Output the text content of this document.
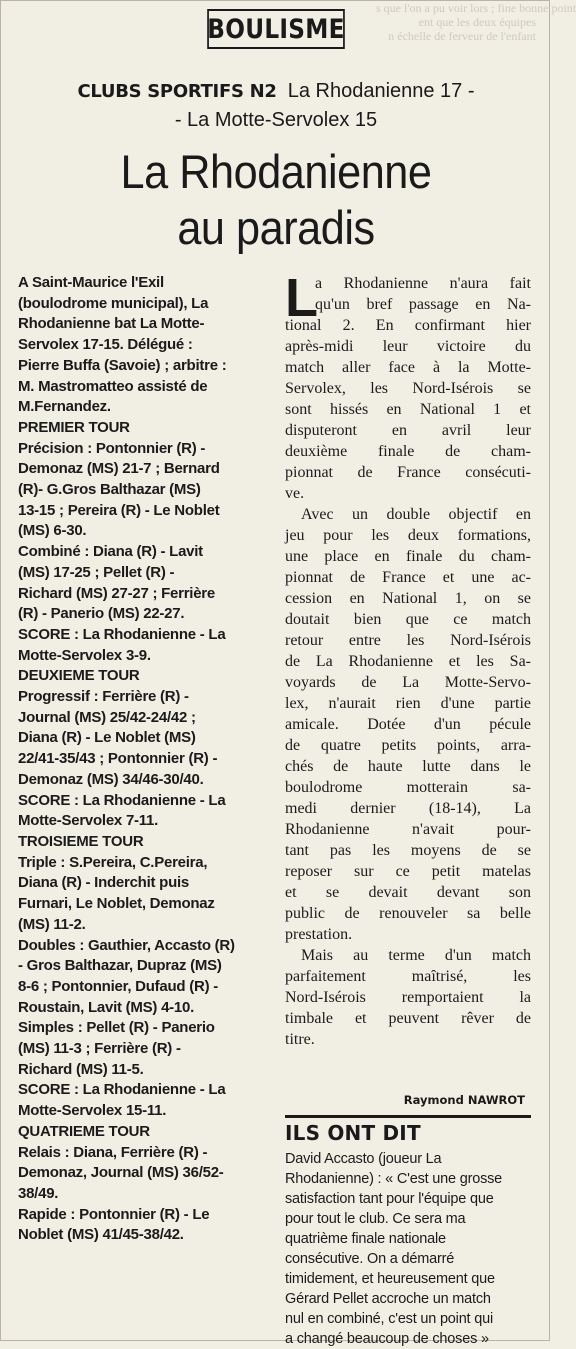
s que l'on a pu voir lors ; fine bonne point
ent que les deux équipes
n échelle de ferveur de l'enfant
BOULISME
CLUBS SPORTIFS N2 La Rhodanienne 17 -
- La Motte-Servolex 15
La Rhodanienne
au paradis
A Saint-Maurice l'Exil
(boulodrome municipal), La
Rhodanienne bat La Motte-
Servolex 17-15. Délégué :
Pierre Buffa (Savoie) ; arbitre :
M. Mastromatteo assisté de
M.Fernandez.
PREMIER TOUR
Précision : Pontonnier (R) -
Demonaz (MS) 21-7 ; Bernard
(R)- G.Gros Balthazar (MS)
13-15 ; Pereira (R) - Le Noblet
(MS) 6-30.
Combiné : Diana (R) - Lavit
(MS) 17-25 ; Pellet (R) -
Richard (MS) 27-27 ; Ferrière
(R) - Panerio (MS) 22-27.
SCORE : La Rhodanienne - La
Motte-Servolex 3-9.
DEUXIEME TOUR
Progressif : Ferrière (R) -
Journal (MS) 25/42-24/42 ;
Diana (R) - Le Noblet (MS)
22/41-35/43 ; Pontonnier (R) -
Demonaz (MS) 34/46-30/40.
SCORE : La Rhodanienne - La
Motte-Servolex 7-11.
TROISIEME TOUR
Triple : S.Pereira, C.Pereira,
Diana (R) - Inderchit puis
Furnari, Le Noblet, Demonaz
(MS) 11-2.
Doubles : Gauthier, Accasto (R)
- Gros Balthazar, Dupraz (MS)
8-6 ; Pontonnier, Dufaud (R) -
Roustain, Lavit (MS) 4-10.
Simples : Pellet (R) - Panerio
(MS) 11-3 ; Ferrière (R) -
Richard (MS) 11-5.
SCORE : La Rhodanienne - La
Motte-Servolex 15-11.
QUATRIEME TOUR
Relais : Diana, Ferrière (R) -
Demonaz, Journal (MS) 36/52-
38/49.
Rapide : Pontonnier (R) - Le
Noblet (MS) 41/45-38/42.
L
a Rhodanienne n'aura fait
qu'un bref passage en Na-
tional 2. En confirmant hier
après-midi leur victoire du
match aller face à la Motte-
Servolex, les Nord-Isérois se
sont hissés en National 1 et
disputeront en avril leur
deuxième finale de cham-
pionnat de France consécuti-
ve.
Avec un double objectif en
jeu pour les deux formations,
une place en finale du cham-
pionnat de France et une ac-
cession en National 1, on se
doutait bien que ce match
retour entre les Nord-Isérois
de La Rhodanienne et les Sa-
voyards de La Motte-Servo-
lex, n'aurait rien d'une partie
amicale. Dotée d'un pécule
de quatre petits points, arra-
chés de haute lutte dans le
boulodrome motterain sa-
medi dernier (18-14), La
Rhodanienne n'avait pour-
tant pas les moyens de se
reposer sur ce petit matelas
et se devait devant son
public de renouveler sa belle
prestation.
Mais au terme d'un match
parfaitement maîtrisé, les
Nord-Isérois remportaient la
timbale et peuvent rêver de
titre.
Raymond NAWROT
ILS ONT DIT
David Accasto (joueur La
Rhodanienne) : « C'est une grosse
satisfaction tant pour l'équipe que
pour tout le club. Ce sera ma
quatrième finale nationale
consécutive. On a démarré
timidement, et heureusement que
Gérard Pellet accroche un match
nul en combiné, c'est un point qui
a changé beaucoup de choses »
